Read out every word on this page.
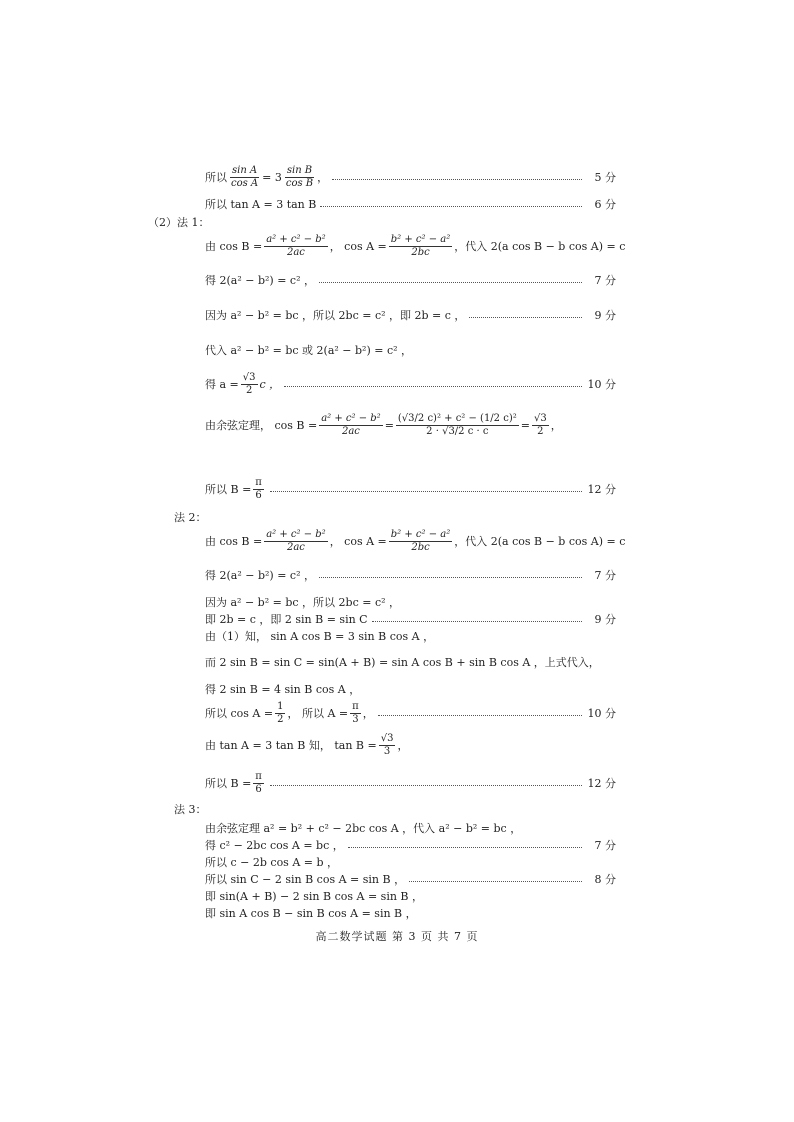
所以 $\frac{\text{sin A}}{\text{cos A}} = 3 \frac{\text{sin B}}{\text{cos B}}$ ，	5 分
所以 tan A = 3 tan B	6 分
（2）法 1：
由 $\cos B = \frac{\text{a² + c² − b²}}{2ac}$ ， $\cos A = \frac{\text{b² + c² − a²}}{2bc}$ ，代入 2(a cos B − b cos A) = c
得 2(a² − b²) = c² ，	7 分
因为 a² − b² = bc ，所以 2bc = c² ，即 2b = c ，	9 分
代入 a² − b² = bc 或 2(a² − b²) = c² ，
得 $a = \frac{√3}{2}$ c ，	10 分
由余弦定理， $\cos B = \frac{\text{a² + c² − b²}}{2ac} = \frac{\text{(√3/2 c)² + c² − (1/2 c)²}}{2 \cdot √3/2 c \cdot c} = \frac{√3}{2}$ ，
所以 $B = \frac{\pi}{6}$	12 分
法 2：
由 $\cos B = \frac{\text{a² + c² − b²}}{2ac}$ ， $\cos A = \frac{\text{b² + c² − a²}}{2bc}$ ，代入 2(a cos B − b cos A) = c
得 2(a² − b²) = c² ，	7 分
因为 a² − b² = bc ，所以 2bc = c² ，
即 2b = c ，即 2 sin B = sin C	9 分
由（1）知， sin A cos B = 3 sin B cos A ，
而 2 sin B = sin C = sin(A + B) = sin A cos B + sin B cos A ，上式代入，
得 2 sin B = 4 sin B cos A ，
所以 $\cos A = \frac{1}{2}$ ， 所以 $A = \frac{\pi}{3}$ ，	10 分
由 tan A = 3 tan B 知， $\tan B = \frac{√3}{3}$ ，
所以 $B = \frac{\pi}{6}$	12 分
法 3：
由余弦定理 a² = b² + c² − 2bc cos A ，代入 a² − b² = bc ，
得 c² − 2bc cos A = bc ，	7 分
所以 c − 2b cos A = b ，
所以 sin C − 2 sin B cos A = sin B ，	8 分
即 sin(A + B) − 2 sin B cos A = sin B ，
即 sin A cos B − sin B cos A = sin B ，
高二数学试题 第 3 页 共 7 页
